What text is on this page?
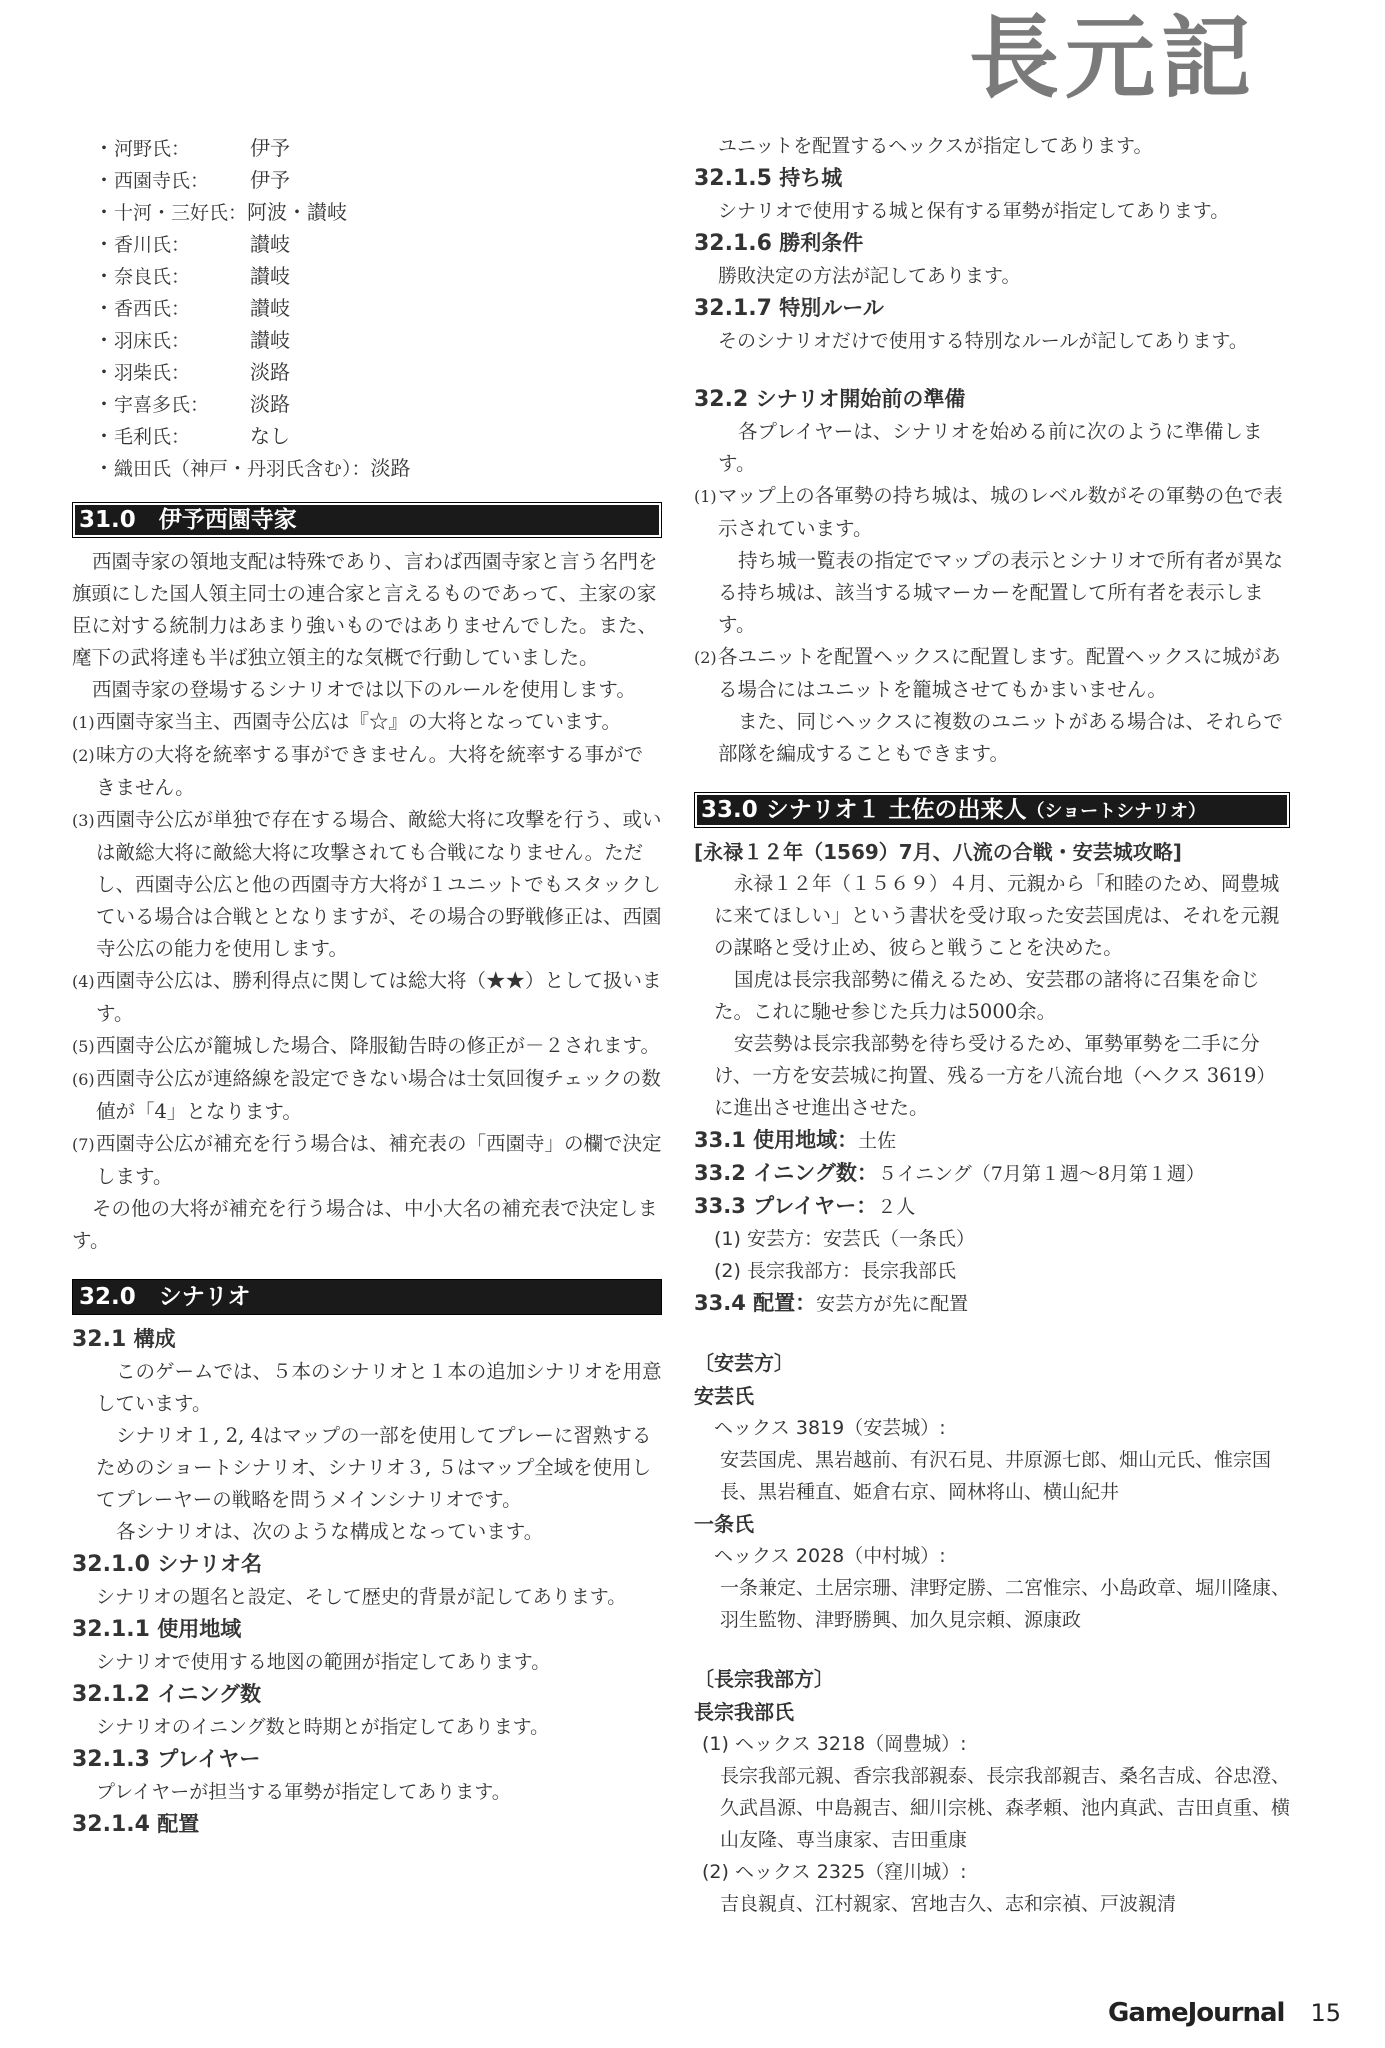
長元記
・河野氏：	伊予
・西園寺氏： 伊予
・十河・三好氏：阿波・讃岐
・香川氏：	讃岐
・奈良氏：	讃岐
・香西氏：	讃岐
・羽床氏：	讃岐
・羽柴氏：	淡路
・宇喜多氏： 淡路
・毛利氏：	なし
・織田氏（神戸・丹羽氏含む）：淡路
31.0　伊予西園寺家
西園寺家の領地支配は特殊であり、言わば西園寺家と言う名門を旗頭にした国人領主同士の連合家と言えるものであって、主家の家臣に対する統制力はあまり強いものではありませんでした。また、麾下の武将達も半ば独立領主的な気概で行動していました。
西園寺家の登場するシナリオでは以下のルールを使用します。
(1)西園寺家当主、西園寺公広は『☆』の大将となっています。
(2)味方の大将を統率する事ができません。大将を統率する事ができません。
(3)西園寺公広が単独で存在する場合、敵総大将に攻撃を行う、或いは敵総大将に敵総大将に攻撃されても合戦になりません。ただし、西園寺公広と他の西園寺方大将が１ユニットでもスタックしている場合は合戦ととなりますが、その場合の野戦修正は、西園寺公広の能力を使用します。
(4)西園寺公広は、勝利得点に関しては総大将（★★）として扱います。
(5)西園寺公広が籠城した場合、降服勧告時の修正が－２されます。
(6)西園寺公広が連絡線を設定できない場合は士気回復チェックの数値が「4」となります。
(7)西園寺公広が補充を行う場合は、補充表の「西園寺」の欄で決定します。
その他の大将が補充を行う場合は、中小大名の補充表で決定します。
32.0　シナリオ
32.1 構成
このゲームでは、５本のシナリオと１本の追加シナリオを用意しています。
シナリオ１, 2, 4はマップの一部を使用してプレーに習熟するためのショートシナリオ、シナリオ３, ５はマップ全域を使用してプレーヤーの戦略を問うメインシナリオです。
各シナリオは、次のような構成となっています。
32.1.0 シナリオ名
シナリオの題名と設定、そして歴史的背景が記してあります。
32.1.1 使用地域
シナリオで使用する地図の範囲が指定してあります。
32.1.2 イニング数
シナリオのイニング数と時期とが指定してあります。
32.1.3 プレイヤー
プレイヤーが担当する軍勢が指定してあります。
32.1.4 配置
ユニットを配置するヘックスが指定してあります。
32.1.5 持ち城
シナリオで使用する城と保有する軍勢が指定してあります。
32.1.6 勝利条件
勝敗決定の方法が記してあります。
32.1.7 特別ルール
そのシナリオだけで使用する特別なルールが記してあります。
32.2 シナリオ開始前の準備
各プレイヤーは、シナリオを始める前に次のように準備します。
(1)マップ上の各軍勢の持ち城は、城のレベル数がその軍勢の色で表示されています。
持ち城一覧表の指定でマップの表示とシナリオで所有者が異なる持ち城は、該当する城マーカーを配置して所有者を表示します。
(2)各ユニットを配置ヘックスに配置します。配置ヘックスに城がある場合にはユニットを籠城させてもかまいません。
また、同じヘックスに複数のユニットがある場合は、それらで部隊を編成することもできます。
33.0 シナリオ１ 土佐の出来人（ショートシナリオ）
[永禄１２年（1569）7月、八流の合戦・安芸城攻略]
永禄１２年（１５６９）４月、元親から「和睦のため、岡豊城に来てほしい」という書状を受け取った安芸国虎は、それを元親の謀略と受け止め、彼らと戦うことを決めた。
国虎は長宗我部勢に備えるため、安芸郡の諸将に召集を命じた。これに馳せ参じた兵力は5000余。
安芸勢は長宗我部勢を待ち受けるため、軍勢軍勢を二手に分け、一方を安芸城に拘置、残る一方を八流台地（ヘクス 3619）に進出させ進出させた。
33.1 使用地域：土佐
33.2 イニング数：５イニング（7月第１週～8月第１週）
33.3 プレイヤー：２人
(1) 安芸方：安芸氏（一条氏）
(2) 長宗我部方：長宗我部氏
33.4 配置：安芸方が先に配置
〔安芸方〕
安芸氏
ヘックス 3819（安芸城）:
安芸国虎、黒岩越前、有沢石見、井原源七郎、畑山元氏、惟宗国長、黒岩種直、姫倉右京、岡林将山、横山紀井
一条氏
ヘックス 2028（中村城）:
一条兼定、土居宗珊、津野定勝、二宮惟宗、小島政章、堀川隆康、羽生監物、津野勝興、加久見宗頼、源康政
〔長宗我部方〕
長宗我部氏
(1) ヘックス 3218（岡豊城）:
長宗我部元親、香宗我部親泰、長宗我部親吉、桑名吉成、谷忠澄、久武昌源、中島親吉、細川宗桃、森孝頼、池内真武、吉田貞重、横山友隆、専当康家、吉田重康
(2) ヘックス 2325（窪川城）:
吉良親貞、江村親家、宮地吉久、志和宗禎、戸波親清
GameJournal 15
